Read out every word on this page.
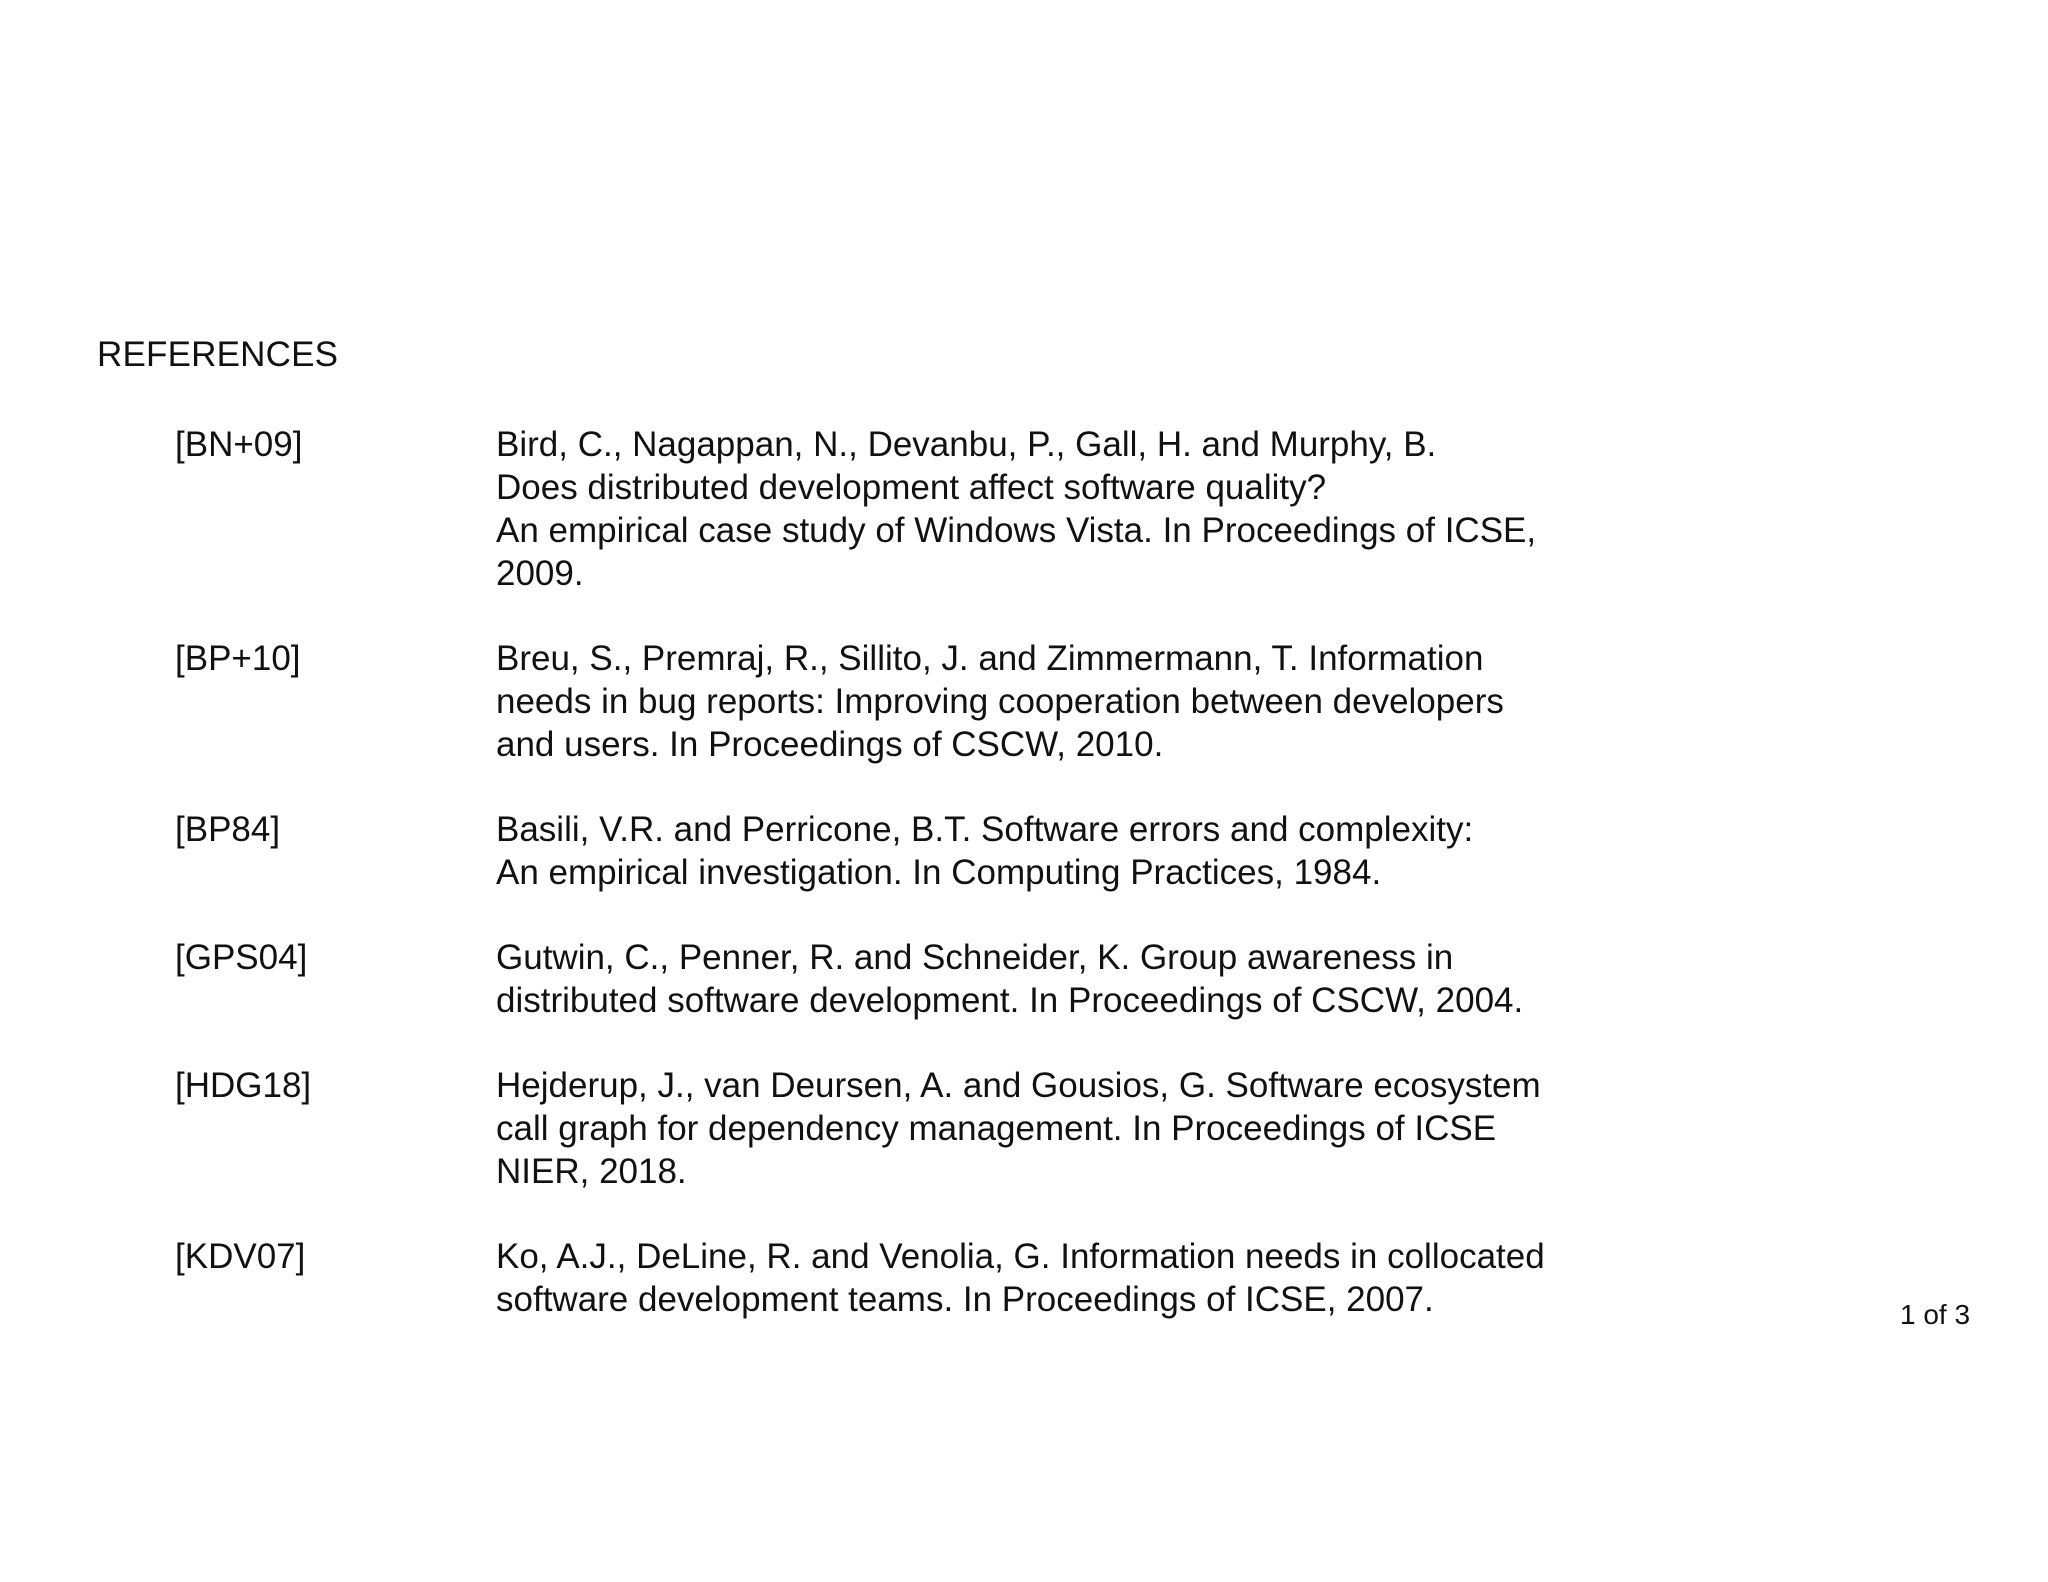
REFERENCES
[BN+09]	Bird, C., Nagappan, N., Devanbu, P., Gall, H. and Murphy, B.
Does distributed development affect software quality?
An empirical case study of Windows Vista. In Proceedings of ICSE,
2009.
[BP+10]	Breu, S., Premraj, R., Sillito, J. and Zimmermann, T. Information
needs in bug reports: Improving cooperation between developers
and users. In Proceedings of CSCW, 2010.
[BP84]	Basili, V.R. and Perricone, B.T. Software errors and complexity:
An empirical investigation. In Computing Practices, 1984.
[GPS04]	Gutwin, C., Penner, R. and Schneider, K. Group awareness in
distributed software development. In Proceedings of CSCW, 2004.
[HDG18]	Hejderup, J., van Deursen, A. and Gousios, G. Software ecosystem
call graph for dependency management. In Proceedings of ICSE
NIER, 2018.
[KDV07]	Ko, A.J., DeLine, R. and Venolia, G. Information needs in collocated
software development teams. In Proceedings of ICSE, 2007.	1 of 3
